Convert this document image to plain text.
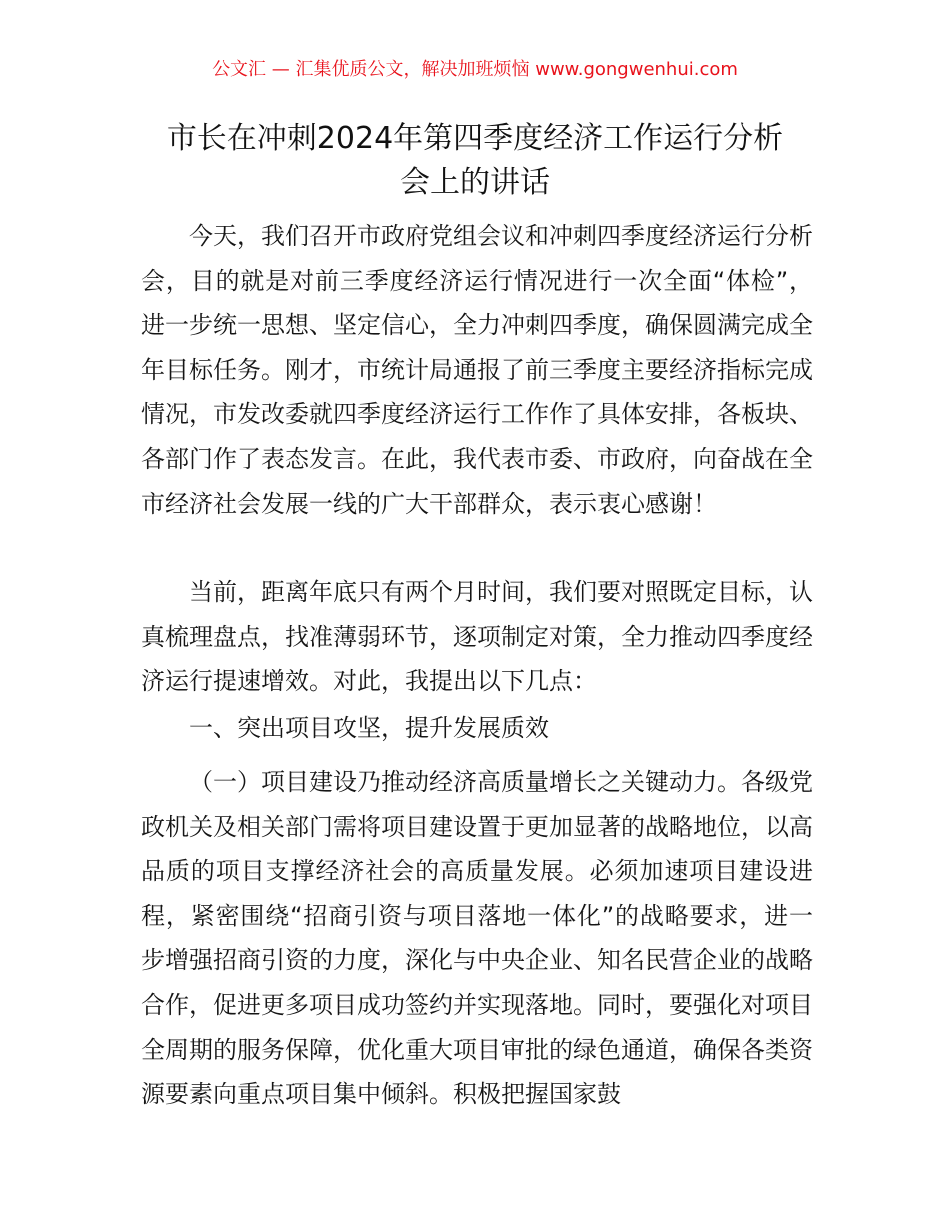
公文汇 — 汇集优质公文，解决加班烦恼 www.gongwenhui.com
市长在冲刺2024年第四季度经济工作运行分析
会上的讲话

今天，我们召开市政府党组会议和冲刺四季度经济运行分析会，目的就是对前三季度经济运行情况进行一次全面“体检”，进一步统一思想、坚定信心，全力冲刺四季度，确保圆满完成全年目标任务。刚才，市统计局通报了前三季度主要经济指标完成情况，市发改委就四季度经济运行工作作了具体安排，各板块、各部门作了表态发言。在此，我代表市委、市政府，向奋战在全市经济社会发展一线的广大干部群众，表示衷心感谢！

当前，距离年底只有两个月时间，我们要对照既定目标，认真梳理盘点，找准薄弱环节，逐项制定对策，全力推动四季度经济运行提速增效。对此，我提出以下几点：

一、突出项目攻坚，提升发展质效

（一）项目建设乃推动经济高质量增长之关键动力。各级党政机关及相关部门需将项目建设置于更加显著的战略地位，以高品质的项目支撑经济社会的高质量发展。必须加速项目建设进程，紧密围绕“招商引资与项目落地一体化”的战略要求，进一步增强招商引资的力度，深化与中央企业、知名民营企业的战略合作，促进更多项目成功签约并实现落地。同时，要强化对项目全周期的服务保障，优化重大项目审批的绿色通道，确保各类资源要素向重点项目集中倾斜。积极把握国家鼓
